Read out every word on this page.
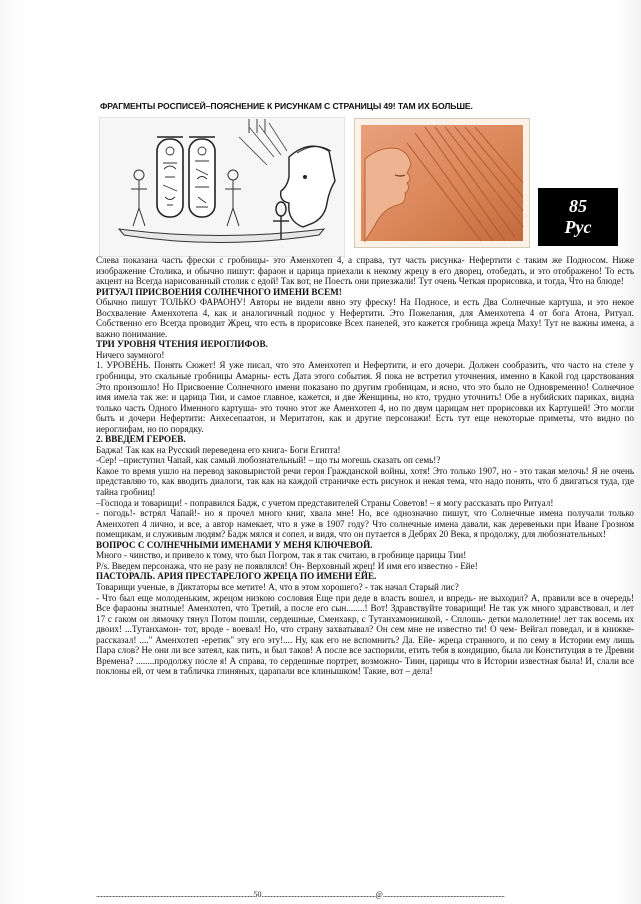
ФРАГМЕНТЫ РОСПИСЕЙ–ПОЯСНЕНИЕ К РИСУНКАМ С СТРАНИЦЫ 49! ТАМ ИХ БОЛЬШЕ.
85
Рус

Слева показана часть фрески с гробницы- это Аменхотеп 4, а справа, тут часть рисунка- Нефертити с таким же Подносом. Ниже изображение Столика, и обычно пишут: фараон и царица приехали к некому жрецу в его дворец, отобедать, и это отображено! То есть акцент на Всегда нарисованный столик с едой! Так вот, не Поесть они приезжали! Тут очень Четкая прорисовка, и тогда, Что на блюде!

РИТУАЛ ПРИСВОЕНИЯ СОЛНЕЧНОГО ИМЕНИ ВСЕМ!

Обычно пишут ТОЛЬКО ФАРАОНУ! Авторы не видели явно эту фреску! На Подносе, и есть Два Солнечные картуша, и это некое Восхваление Аменхотепа 4, как и аналогичный поднос у Нефертити. Это Пожелания, для Аменхотепа 4 от бога Атона, Ритуал. Собственно его Всегда проводит Жрец, что есть в прорисовке Всех панелей, это кажется гробница жреца Маху! Тут не важны имена, а важно понимание.

ТРИ УРОВНЯ ЧТЕНИЯ ИЕРОГЛИФОВ.

Ничего заумного!

1. УРОВЕНЬ. Понять Сюжет! Я уже писал, что это Аменхотеп и Нефертити, и его дочери. Должен сообразить, что часто на стеле у гробницы, это скальные гробницы Амарны- есть Дата этого события. Я пока не встретил уточнения, именно в Какой год царствования Это произошло! Но Присвоение Солнечного имени показано по другим гробницам, и ясно, что это было не Одновременно! Солнечное имя имела так же: и царица Тии, и самое главное, кажется, и две Женщины, но кто, трудно уточнить! Обе в нубийских париках, видна только часть Одного Именного картуша- это точно этот же Аменхотеп 4, но по двум царицам нет прорисовки их Картушей! Это могли быть и дочери Нефертити: Анхесепаатон, и Меритатон, как и другие персонажи! Есть тут еще некоторые приметы, что видно по иероглифам, но по порядку.

2. ВВЕДЕМ ГЕРОЕВ.

Баджа! Так как на Русский переведена его книга- Боги Египта!

-Сер! –приступил Чапай, как самый любознательный! – що ты могешь сказать оп семь!?

Какое то время ушло на перевод заковыристой речи героя Гражданской войны, хотя! Это только 1907, но - это такая мелочь! Я не очень представляю то, как вводить диалоги, так как на каждой страничке есть рисунок и некая тема, что надо понять, что б двигаться туда, где тайна гробниц!

–Господа и товарищи! - поправился Бадж, с учетом представителей Страны Советов! – я могу рассказать про Ритуал!

- погодь!- встрял Чапай!- но я прочел много книг, хвала мне! Но, все однозначно пишут, что Солнечные имена получали только Аменхотеп 4 лично, и все, а автор намекает, что я уже в 1907 году? Что солнечные имена давали, как деревеньки при Иване Грозном помещикам, и служивым людям? Бадж мялся и сопел, и видя, что он путается в Дебрях 20 Века, я продолжу, для любознательных!

ВОПРОС С СОЛНЕЧНЫМИ ИМЕНАМИ У МЕНЯ КЛЮЧЕВОЙ.

Много - чинство, и привело к тому, что был Погром, так я так считаю, в гробнице царицы Тии!

P/s. Введем персонажа, что не разу не появлялся! Он- Верховный жрец! И имя его известно - Ейе!

ПАСТОРАЛЬ. АРИЯ ПРЕСТАРЕЛОГО ЖРЕЦА ПО ИМЕНИ ЕЙЕ.

Товарищи ученые, в Диктаторы все метите! А, что в этом хорошего? - так начал Старый лис?

- Что был еще молоденьким, жрецом низкою сословия Еще при деде в власть вошел, и впредь- не выходил? А, правили все в очередь! Все фараоны знатные! Аменхотеп, что Третий, а после его сын........! Вот! Здравствуйте товарищи! Не так уж много здравствовал, и лет 17 с гаком он лямочку тянул Потом пошли, сердешные, Сменхакр, с Тутанхамонишкой, - Сплошь- детки малолетние! лет так восемь их двоих! ...Тутанхамон- тот, вроде - воевал! Но, что страну захватывал? Он сем мне не известно ти! О чем- Вейгал поведал, и в книжке- рассказал! ...." Аменхотеп -еретик" эту его эту!.... Ну, как его не вспомнить? Да. Ейе- жреца странного, и по сему в Истории ему лишь Пара слов? Не они ли все затеял, как пить, и был таков! А после все заспорили, етить тебя в кондицию, была ли Конституция в те Древни Времена? ........продолжу после я! А справа, то сердешные портрет, возможно- Тиин, царицы что в Истории известная была! И, слали все поклоны ей, от чем в табличка глиняных, царапали все клинышком! Такие, вот – дела!

.........................................................................................................50............................................................................@.................................................................................
